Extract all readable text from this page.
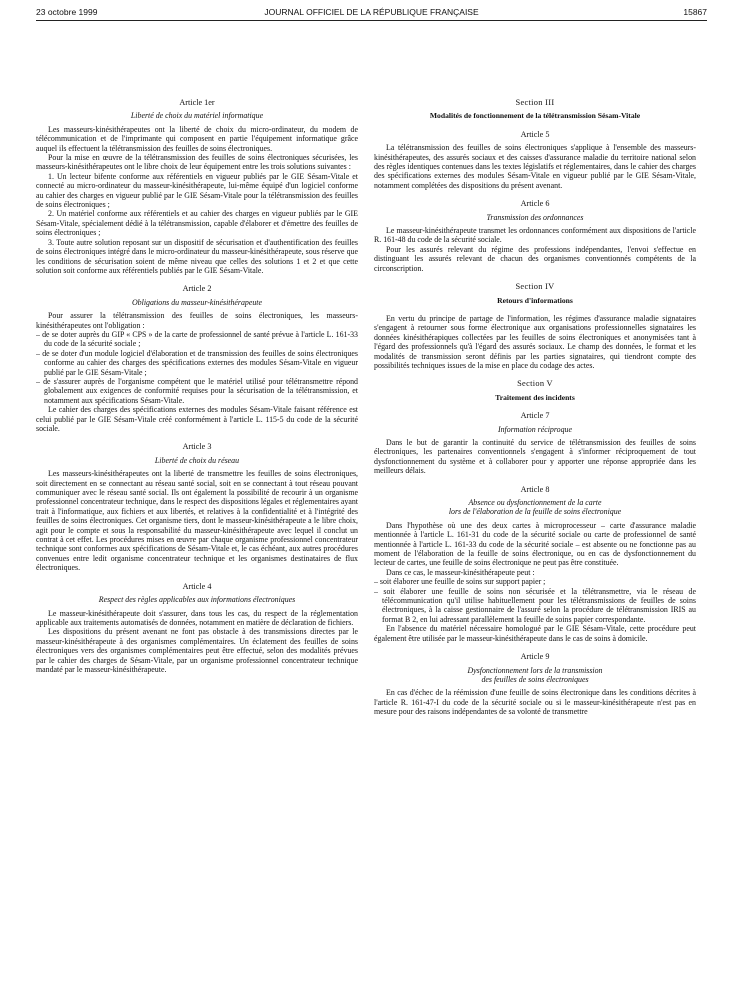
23 octobre 1999	JOURNAL OFFICIEL DE LA RÉPUBLIQUE FRANÇAISE	15867
Article 1er
Liberté de choix du matériel informatique

Les masseurs-kinésithérapeutes ont la liberté de choix du micro-ordinateur, du modem de télécommunication et de l'imprimante qui composent en partie l'équipement informatique grâce auquel ils effectuent la télétransmission des feuilles de soins électroniques.

Pour la mise en œuvre de la télétransmission des feuilles de soins électroniques sécurisées, les masseurs-kinésithérapeutes ont le libre choix de leur équipement entre les trois solutions suivantes :

1. Un lecteur bifente conforme aux référentiels en vigueur publiés par le GIE Sésam-Vitale et connecté au micro-ordinateur du masseur-kinésithérapeute, lui-même équipé d'un logiciel conforme au cahier des charges en vigueur publié par le GIE Sésam-Vitale pour la télétransmission des feuilles de soins électroniques ;

2. Un matériel conforme aux référentiels et au cahier des charges en vigueur publiés par le GIE Sésam-Vitale, spécialement dédié à la télétransmission, capable d'élaborer et d'émettre des feuilles de soins électroniques ;

3. Toute autre solution reposant sur un dispositif de sécurisation et d'authentification des feuilles de soins électroniques intégré dans le micro-ordinateur du masseur-kinésithérapeute, sous réserve que les conditions de sécurisation soient de même niveau que celles des solutions 1 et 2 et que cette solution soit conforme aux référentiels publiés par le GIE Sésam-Vitale.

Article 2
Obligations du masseur-kinésithérapeute

Pour assurer la télétransmission des feuilles de soins électroniques, les masseurs-kinésithérapeutes ont l'obligation :

– de se doter auprès du GIP « CPS » de la carte de professionnel de santé prévue à l'article L. 161-33 du code de la sécurité sociale ;

– de se doter d'un module logiciel d'élaboration et de transmission des feuilles de soins électroniques conforme au cahier des charges des spécifications externes des modules Sésam-Vitale en vigueur publié par le GIE Sésam-Vitale ;

– de s'assurer auprès de l'organisme compétent que le matériel utilisé pour télétransmettre répond globalement aux exigences de conformité requises pour la sécurisation de la télétransmission, et notamment aux spécifications Sésam-Vitale.

Le cahier des charges des spécifications externes des modules Sésam-Vitale faisant référence est celui publié par le GIE Sésam-Vitale créé conformément à l'article L. 115-5 du code de la sécurité sociale.

Article 3
Liberté de choix du réseau

Les masseurs-kinésithérapeutes ont la liberté de transmettre les feuilles de soins électroniques, soit directement en se connectant au réseau santé social, soit en se connectant à tout réseau pouvant communiquer avec le réseau santé social. Ils ont également la possibilité de recourir à un organisme professionnel concentrateur technique, dans le respect des dispositions légales et réglementaires ayant trait à l'informatique, aux fichiers et aux libertés, et relatives à la confidentialité et à l'intégrité des feuilles de soins électroniques. Cet organisme tiers, dont le masseur-kinésithérapeute a le libre choix, agit pour le compte et sous la responsabilité du masseur-kinésithérapeute avec lequel il conclut un contrat à cet effet. Les procédures mises en œuvre par chaque organisme professionnel concentrateur technique sont conformes aux spécifications de Sésam-Vitale et, le cas échéant, aux autres procédures convenues entre ledit organisme concentrateur technique et les organismes destinataires de flux électroniques.

Article 4
Respect des règles applicables aux informations électroniques

Le masseur-kinésithérapeute doit s'assurer, dans tous les cas, du respect de la réglementation applicable aux traitements automatisés de données, notamment en matière de déclaration de fichiers.

Les dispositions du présent avenant ne font pas obstacle à des transmissions directes par le masseur-kinésithérapeute à des organismes complémentaires. Un éclatement des feuilles de soins électroniques vers des organismes complémentaires peut être effectué, selon des modalités prévues par le cahier des charges de Sésam-Vitale, par un organisme professionnel concentrateur technique mandaté par le masseur-kinésithérapeute.

Section III
Modalités de fonctionnement de la télétransmission Sésam-Vitale
Article 5

La télétransmission des feuilles de soins électroniques s'applique à l'ensemble des masseurs-kinésithérapeutes, des assurés sociaux et des caisses d'assurance maladie du territoire national selon des règles identiques contenues dans les textes législatifs et réglementaires, dans le cahier des charges des spécifications externes des modules Sésam-Vitale en vigueur publié par le GIE Sésam-Vitale, notamment complétées des dispositions du présent avenant.

Article 6
Transmission des ordonnances

Le masseur-kinésithérapeute transmet les ordonnances conformément aux dispositions de l'article R. 161-48 du code de la sécurité sociale.

Pour les assurés relevant du régime des professions indépendantes, l'envoi s'effectue en distinguant les assurés relevant de chacun des organismes conventionnés compétents de la circonscription.

Section IV
Retours d'informations

En vertu du principe de partage de l'information, les régimes d'assurance maladie signataires s'engagent à retourner sous forme électronique aux organisations professionnelles signataires les données kinésithérapiques collectées par les feuilles de soins électroniques et anonymisées tant à l'égard des professionnels qu'à l'égard des assurés sociaux. Le champ des données, le format et les modalités de transmission seront définis par les parties signataires, qui tiendront compte des possibilités techniques issues de la mise en place du codage des actes.

Section V
Traitement des incidents
Article 7
Information réciproque

Dans le but de garantir la continuité du service de télétransmission des feuilles de soins électroniques, les partenaires conventionnels s'engagent à s'informer réciproquement de tout dysfonctionnement du système et à collaborer pour y apporter une réponse appropriée dans les meilleurs délais.

Article 8
Absence ou dysfonctionnement de la carte
lors de l'élaboration de la feuille de soins électronique

Dans l'hypothèse où une des deux cartes à microprocesseur – carte d'assurance maladie mentionnée à l'article L. 161-31 du code de la sécurité sociale ou carte de professionnel de santé mentionnée à l'article L. 161-33 du code de la sécurité sociale – est absente ou ne fonctionne pas au moment de l'élaboration de la feuille de soins électronique, ou en cas de dysfonctionnement du lecteur de cartes, une feuille de soins électronique ne peut pas être constituée.

Dans ce cas, le masseur-kinésithérapeute peut :

– soit élaborer une feuille de soins sur support papier ;

– soit élaborer une feuille de soins non sécurisée et la télétransmettre, via le réseau de télécommunication qu'il utilise habituellement pour les télétransmissions de feuilles de soins électroniques, à la caisse gestionnaire de l'assuré selon la procédure de télétransmission IRIS au format B 2, en lui adressant parallèlement la feuille de soins papier correspondante.

En l'absence du matériel nécessaire homologué par le GIE Sésam-Vitale, cette procédure peut également être utilisée par le masseur-kinésithérapeute dans le cas de soins à domicile.

Article 9
Dysfonctionnement lors de la transmission
des feuilles de soins électroniques

En cas d'échec de la réémission d'une feuille de soins électronique dans les conditions décrites à l'article R. 161-47-I du code de la sécurité sociale ou si le masseur-kinésithérapeute n'est pas en mesure pour des raisons indépendantes de sa volonté de transmettre
